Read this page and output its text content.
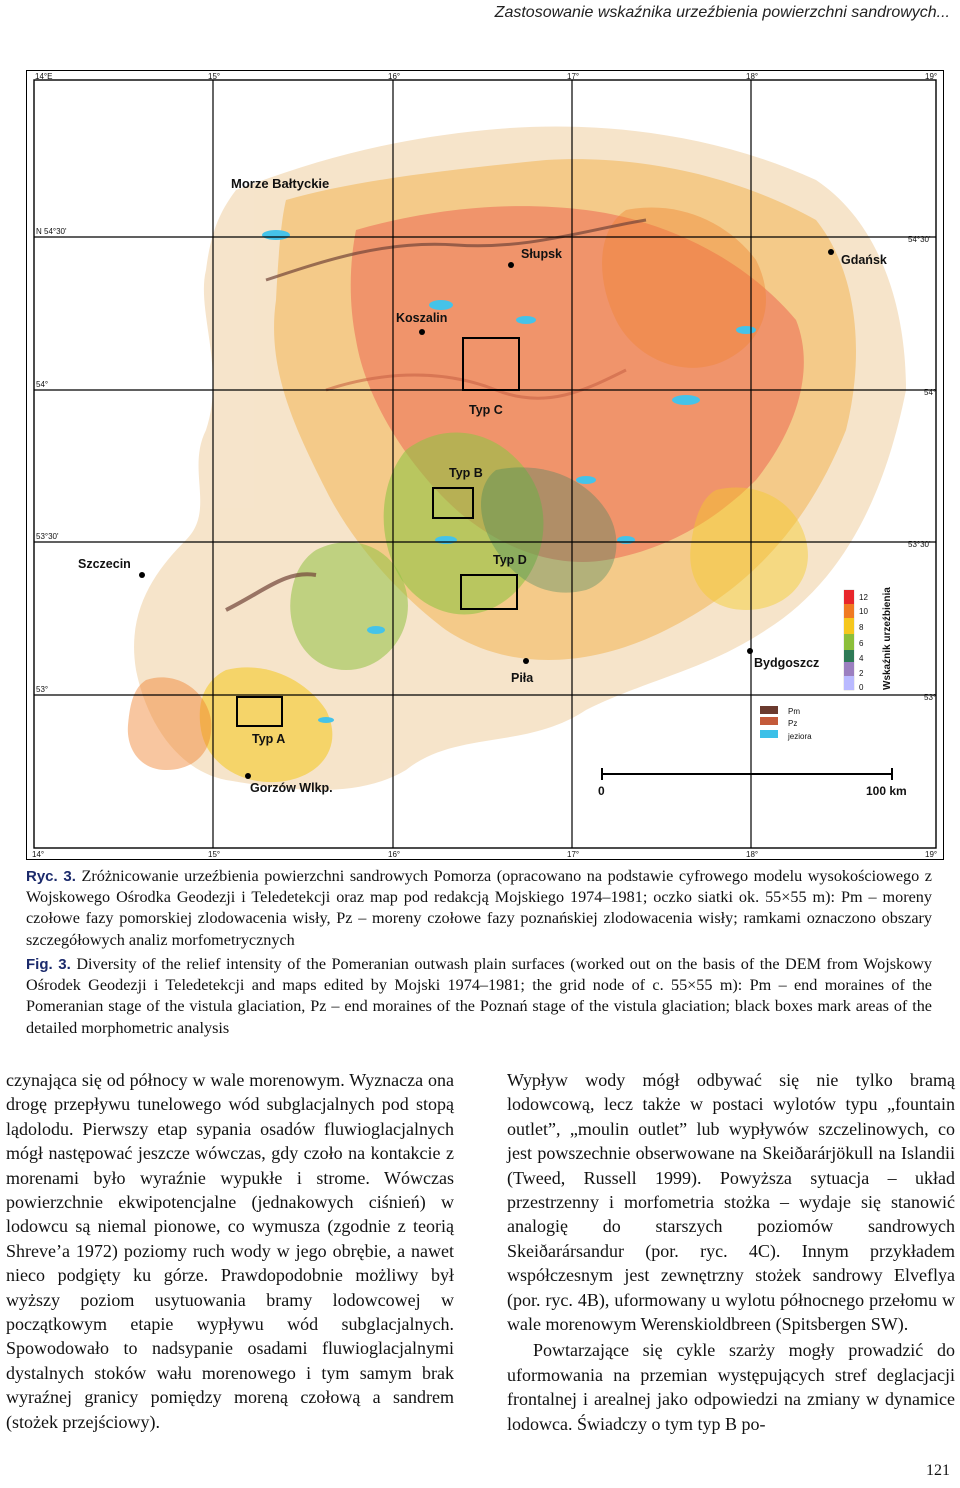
Zastosowanie wskaźnika urzeźbienia powierzchni sandrowych...
14°E	15°	16°	17°	18°	19°
14°	15°	16°	17°	18°	19°
N 54°30'
54°
53°30'
53°
54°30'
54°
53°30'
53°
Morze Bałtyckie
Słupsk	Gdańsk
Koszalin
Szczecin
Piła
Bydgoszcz
Gorzów Wlkp.
Typ C
Typ B
Typ D
Typ A
12
10
8
6
4
2
0 Wskaźnik urzeźbienia
Pm
Pz
jeziora
0	100 km

Ryc. 3. Zróżnicowanie urzeźbienia powierzchni sandrowych Pomorza (opracowano na podstawie cyfrowego modelu wysokościowego z Wojskowego Ośrodka Geodezji i Teledetekcji oraz map pod redakcją Mojskiego 1974–1981; oczko siatki ok. 55×55 m): Pm – moreny czołowe fazy pomorskiej zlodowacenia wisły, Pz – moreny czołowe fazy poznańskiej zlodowacenia wisły; ramkami oznaczono obszary szczegółowych analiz morfometrycznych

Fig. 3. Diversity of the relief intensity of the Pomeranian outwash plain surfaces (worked out on the basis of the DEM from Wojskowy Ośrodek Geodezji i Teledetekcji and maps edited by Mojski 1974–1981; the grid node of c. 55×55 m): Pm – end moraines of the Pomeranian stage of the vistula glaciation, Pz – end moraines of the Poznań stage of the vistula glaciation; black boxes mark areas of the detailed morphometric analysis

czynająca się od północy w wale morenowym. Wyznacza ona drogę przepływu tunelowego wód subglacjalnych pod stopą lądolodu. Pierwszy etap sypania osadów fluwioglacjalnych mógł następować jeszcze wówczas, gdy czoło na kontakcie z morenami było wyraźnie wypukłe i strome. Wówczas powierzchnie ekwipotencjalne (jednakowych ciśnień) w lodowcu są niemal pionowe, co wymusza (zgodnie z teorią Shreve’a 1972) poziomy ruch wody w jego obrębie, a nawet nieco podgięty ku górze. Prawdopodobnie możliwy był wyższy poziom usytuowania bramy lodowcowej w początkowym etapie wypływu wód subglacjalnych. Spowodowało to nadsypanie osadami fluwioglacjalnymi dystalnych stoków wału morenowego i tym samym brak wyraźnej granicy pomiędzy moreną czołową a sandrem (stożek przejściowy).

Wypływ wody mógł odbywać się nie tylko bramą lodowcową, lecz także w postaci wylotów typu „fountain outlet”, „moulin outlet” lub wypływów szczelinowych, co jest powszechnie obserwowane na Skeiðarárjökull na Islandii (Tweed, Russell 1999). Powyższa sytuacja – układ przestrzenny i morfometria stożka – wydaje się stanowić analogię do starszych poziomów sandrowych Skeiðarársandur (por. ryc. 4C). Innym przykładem współczesnym jest zewnętrzny stożek sandrowy Elveflya (por. ryc. 4B), uformowany u wylotu północnego przełomu w wale morenowym Werenskioldbreen (Spitsbergen SW).

Powtarzające się cykle szarży mogły prowadzić do uformowania na przemian występujących stref deglacjacji frontalnej i arealnej jako odpowiedzi na zmiany w dynamice lodowca. Świadczy o tym typ B po-

121
